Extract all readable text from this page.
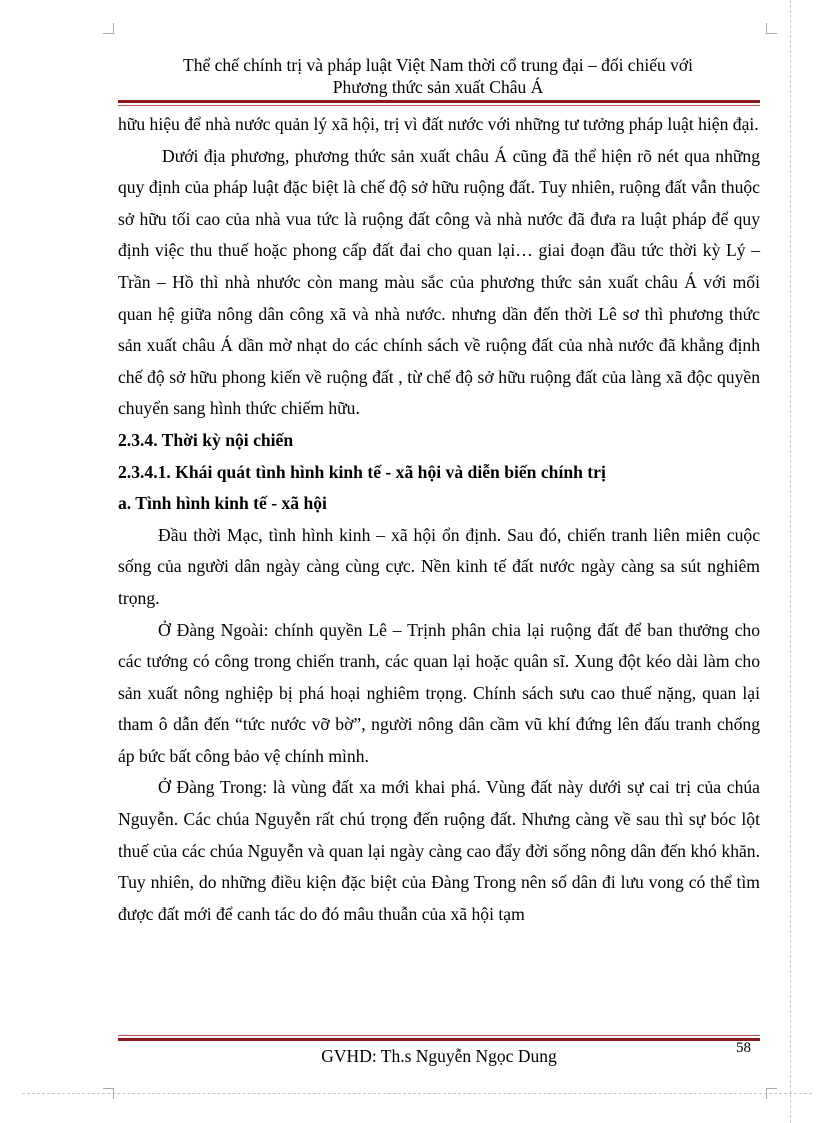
Thể chế chính trị và pháp luật Việt Nam thời cổ trung đại – đối chiếu với
Phương thức sản xuất Châu Á

hữu hiệu để nhà nước quản lý xã hội, trị vì đất nước với những tư tưởng pháp luật hiện đại.

Dưới địa phương, phương thức sản xuất châu Á cũng đã thể hiện rõ nét qua những quy định của pháp luật đặc biệt là chế độ sở hữu ruộng đất. Tuy nhiên, ruộng đất vẫn thuộc sở hữu tối cao của nhà vua tức là ruộng đất công và nhà nước đã đưa ra luật pháp để quy định việc thu thuế hoặc phong cấp đất đai cho quan lại… giai đoạn đầu tức thời kỳ Lý – Trần – Hồ thì nhà nhước còn mang màu sắc của phương thức sản xuất châu Á với mối quan hệ giữa nông dân công xã và nhà nước. nhưng dần đến thời Lê sơ thì phương thức sản xuất châu Á dần mờ nhạt do các chính sách về ruộng đất của nhà nước đã khẳng định chế độ sở hữu phong kiến về ruộng đất , từ chế độ sở hữu ruộng đất của làng xã độc quyền chuyển sang hình thức chiếm hữu.

2.3.4. Thời kỳ nội chiến

2.3.4.1. Khái quát tình hình kinh tế - xã hội và diễn biến chính trị

a. Tình hình kinh tế - xã hội

Đầu thời Mạc, tình hình kinh – xã hội ổn định. Sau đó, chiến tranh liên miên cuộc sống của người dân ngày càng cùng cực. Nền kinh tế đất nước ngày càng sa sút nghiêm trọng.

Ở Đàng Ngoài: chính quyền Lê – Trịnh phân chia lại ruộng đất để ban thưởng cho các tướng có công trong chiến tranh, các quan lại hoặc quân sĩ. Xung đột kéo dài làm cho sản xuất nông nghiệp bị phá hoại nghiêm trọng. Chính sách sưu cao thuế nặng, quan lại tham ô dẫn đến “tức nước vỡ bờ”, người nông dân cầm vũ khí đứng lên đấu tranh chống áp bức bất công bảo vệ chính mình.

Ở Đàng Trong: là vùng đất xa mới khai phá. Vùng đất này dưới sự cai trị của chúa Nguyễn. Các chúa Nguyễn rất chú trọng đến ruộng đất. Nhưng càng về sau thì sự bóc lột thuế của các chúa Nguyễn và quan lại ngày càng cao đẩy đời sống nông dân đến khó khăn. Tuy nhiên, do những điều kiện đặc biệt của Đàng Trong nên số dân đi lưu vong có thể tìm được đất mới để canh tác do đó mâu thuẫn của xã hội tạm

58
GVHD: Th.s Nguyễn Ngọc Dung
